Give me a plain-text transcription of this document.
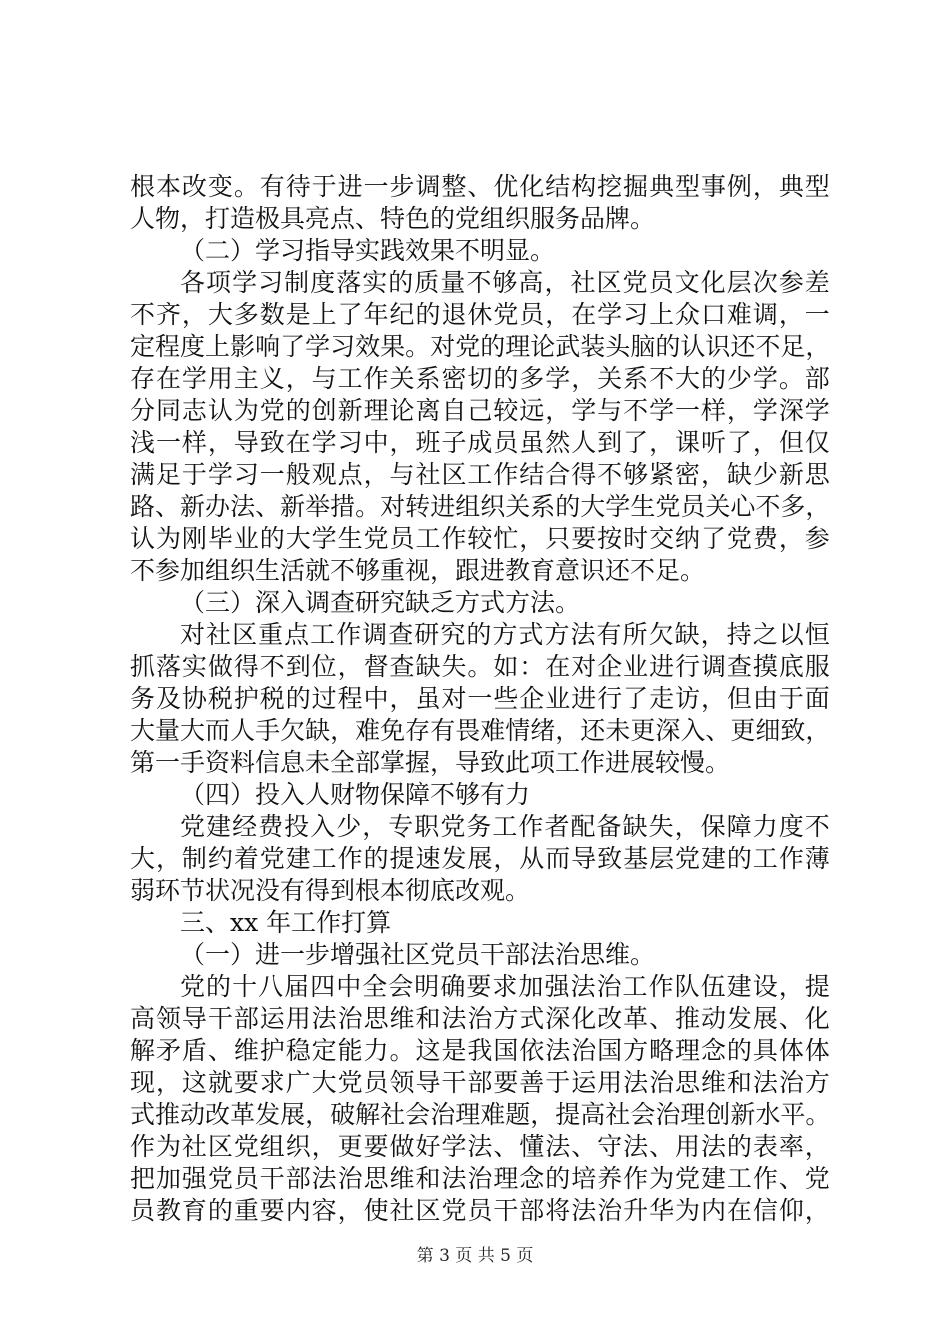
根 本 改 变 。 有 待 于 进 一 步 调 整 、 优 化 结 构 挖 掘 典 型 事 例 ， 典 型
人物，打造极具亮点、特色的党组织服务品牌。
（二）学习指导实践效果不明显。
各 项 学 习 制 度 落 实 的 质 量 不 够 高 ， 社 区 党 员 文 化 层 次 参 差
不 齐 ， 大 多 数 是 上 了 年 纪 的 退 休 党 员 ， 在 学 习 上 众 口 难 调 ， 一
定 程 度 上 影 响 了 学 习 效 果 。 对 党 的 理 论 武 装 头 脑 的 认 识 还 不 足 ，
存 在 学 用 主 义 ， 与 工 作 关 系 密 切 的 多 学 ， 关 系 不 大 的 少 学 。 部
分 同 志 认 为 党 的 创 新 理 论 离 自 己 较 远 ， 学 与 不 学 一 样 ， 学 深 学
浅 一 样 ， 导 致 在 学 习 中 ， 班 子 成 员 虽 然 人 到 了 ， 课 听 了 ， 但 仅
满 足 于 学 习 一 般 观 点 ， 与 社 区 工 作 结 合 得 不 够 紧 密 ， 缺 少 新 思
路 、 新 办 法 、 新 举 措 。 对 转 进 组 织 关 系 的 大 学 生 党 员 关 心 不 多 ，
认 为 刚 毕 业 的 大 学 生 党 员 工 作 较 忙 ， 只 要 按 时 交 纳 了 党 费 ， 参
不参加组织生活就不够重视，跟进教育意识还不足。
（三）深入调查研究缺乏方式方法。
对 社 区 重 点 工 作 调 查 研 究 的 方 式 方 法 有 所 欠 缺 ， 持 之 以 恒
抓 落 实 做 得 不 到 位 ， 督 查 缺 失 。 如 ： 在 对 企 业 进 行 调 查 摸 底 服
务 及 协 税 护 税 的 过 程 中 ， 虽 对 一 些 企 业 进 行 了 走 访 ， 但 由 于 面
大 量 大 而 人 手 欠 缺 ， 难 免 存 有 畏 难 情 绪 ， 还 未 更 深 入 、 更 细 致 ，
第一手资料信息未全部掌握，导致此项工作进展较慢。
（四）投入人财物保障不够有力
党 建 经 费 投 入 少 ， 专 职 党 务 工 作 者 配 备 缺 失 ， 保 障 力 度 不
大 ， 制 约 着 党 建 工 作 的 提 速 发 展 ， 从 而 导 致 基 层 党 建 的 工 作 薄
弱环节状况没有得到根本彻底改观。
三、xx 年工作打算
（一）进一步增强社区党员干部法治思维。
党 的 十 八 届 四 中 全 会 明 确 要 求 加 强 法 治 工 作 队 伍 建 设 ， 提
高 领 导 干 部 运 用 法 治 思 维 和 法 治 方 式 深 化 改 革 、 推 动 发 展 、 化
解 矛 盾 、 维 护 稳 定 能 力 。 这 是 我 国 依 法 治 国 方 略 理 念 的 具 体 体
现 ， 这 就 要 求 广 大 党 员 领 导 干 部 要 善 于 运 用 法 治 思 维 和 法 治 方
式 推 动 改 革 发 展 ， 破 解 社 会 治 理 难 题 ， 提 高 社 会 治 理 创 新 水 平 。
作 为 社 区 党 组 织 ， 更 要 做 好 学 法 、 懂 法 、 守 法 、 用 法 的 表 率 ，
把 加 强 党 员 干 部 法 治 思 维 和 法 治 理 念 的 培 养 作 为 党 建 工 作 、 党
员 教 育 的 重 要 内 容 ， 使 社 区 党 员 干 部 将 法 治 升 华 为 内 在 信 仰 ，
第 3 页 共 5 页
